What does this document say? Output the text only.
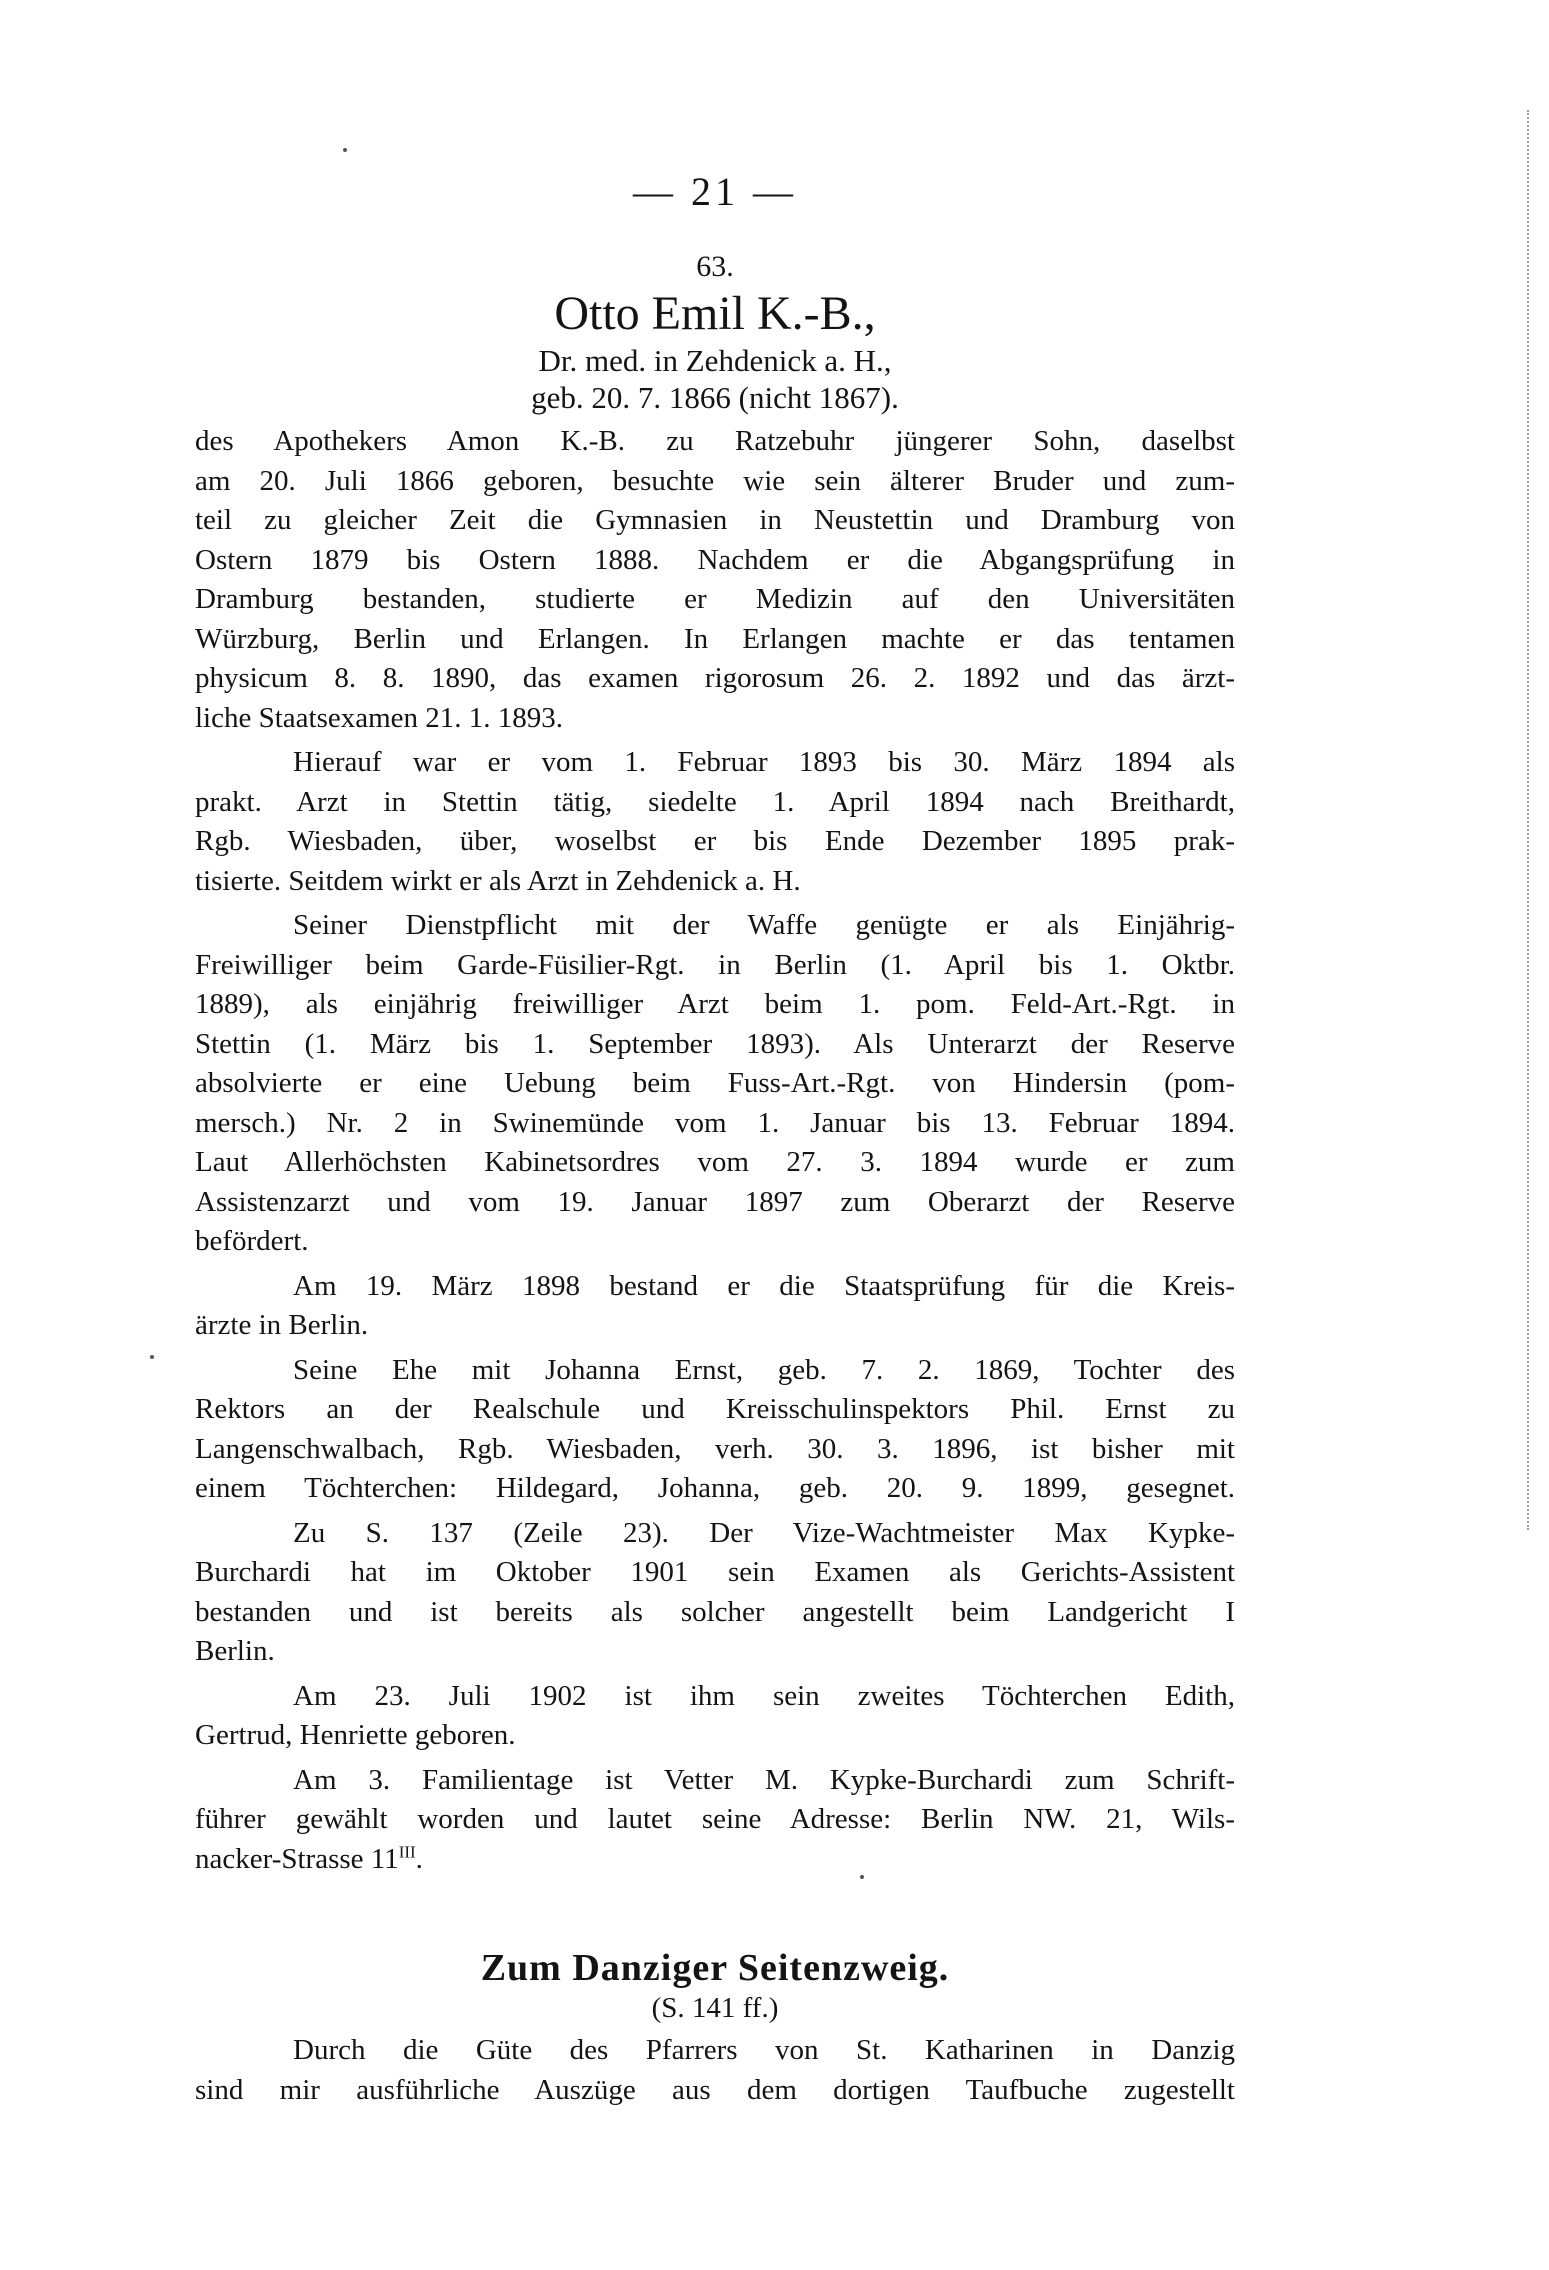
— 21 —
63.
Otto Emil K.-B.,
Dr. med. in Zehdenick a. H.,
geb. 20. 7. 1866 (nicht 1867).
des Apothekers Amon K.-B. zu Ratzebuhr jüngerer Sohn, daselbst
am 20. Juli 1866 geboren, besuchte wie sein älterer Bruder und zum-
teil zu gleicher Zeit die Gymnasien in Neustettin und Dramburg von
Ostern 1879 bis Ostern 1888. Nachdem er die Abgangsprüfung in
Dramburg bestanden, studierte er Medizin auf den Universitäten
Würzburg, Berlin und Erlangen. In Erlangen machte er das tentamen
physicum 8. 8. 1890, das examen rigorosum 26. 2. 1892 und das ärzt-
liche Staatsexamen 21. 1. 1893.
Hierauf war er vom 1. Februar 1893 bis 30. März 1894 als
prakt. Arzt in Stettin tätig, siedelte 1. April 1894 nach Breithardt,
Rgb. Wiesbaden, über, woselbst er bis Ende Dezember 1895 prak-
tisierte. Seitdem wirkt er als Arzt in Zehdenick a. H.
Seiner Dienstpflicht mit der Waffe genügte er als Einjährig-
Freiwilliger beim Garde-Füsilier-Rgt. in Berlin (1. April bis 1. Oktbr.
1889), als einjährig freiwilliger Arzt beim 1. pom. Feld-Art.-Rgt. in
Stettin (1. März bis 1. September 1893). Als Unterarzt der Reserve
absolvierte er eine Uebung beim Fuss-Art.-Rgt. von Hindersin (pom-
mersch.) Nr. 2 in Swinemünde vom 1. Januar bis 13. Februar 1894.
Laut Allerhöchsten Kabinetsordres vom 27. 3. 1894 wurde er zum
Assistenzarzt und vom 19. Januar 1897 zum Oberarzt der Reserve
befördert.
Am 19. März 1898 bestand er die Staatsprüfung für die Kreis-
ärzte in Berlin.
Seine Ehe mit Johanna Ernst, geb. 7. 2. 1869, Tochter des
Rektors an der Realschule und Kreisschulinspektors Phil. Ernst zu
Langenschwalbach, Rgb. Wiesbaden, verh. 30. 3. 1896, ist bisher mit
einem Töchterchen: Hildegard, Johanna, geb. 20. 9. 1899, gesegnet.
Zu S. 137 (Zeile 23). Der Vize-Wachtmeister Max Kypke-
Burchardi hat im Oktober 1901 sein Examen als Gerichts-Assistent
bestanden und ist bereits als solcher angestellt beim Landgericht I
Berlin.
Am 23. Juli 1902 ist ihm sein zweites Töchterchen Edith,
Gertrud, Henriette geboren.
Am 3. Familientage ist Vetter M. Kypke-Burchardi zum Schrift-
führer gewählt worden und lautet seine Adresse: Berlin NW. 21, Wils-
nacker-Strasse $11^{III}$.
Zum Danziger Seitenzweig.
(S. 141 ff.)
Durch die Güte des Pfarrers von St. Katharinen in Danzig
sind mir ausführliche Auszüge aus dem dortigen Taufbuche zugestellt
